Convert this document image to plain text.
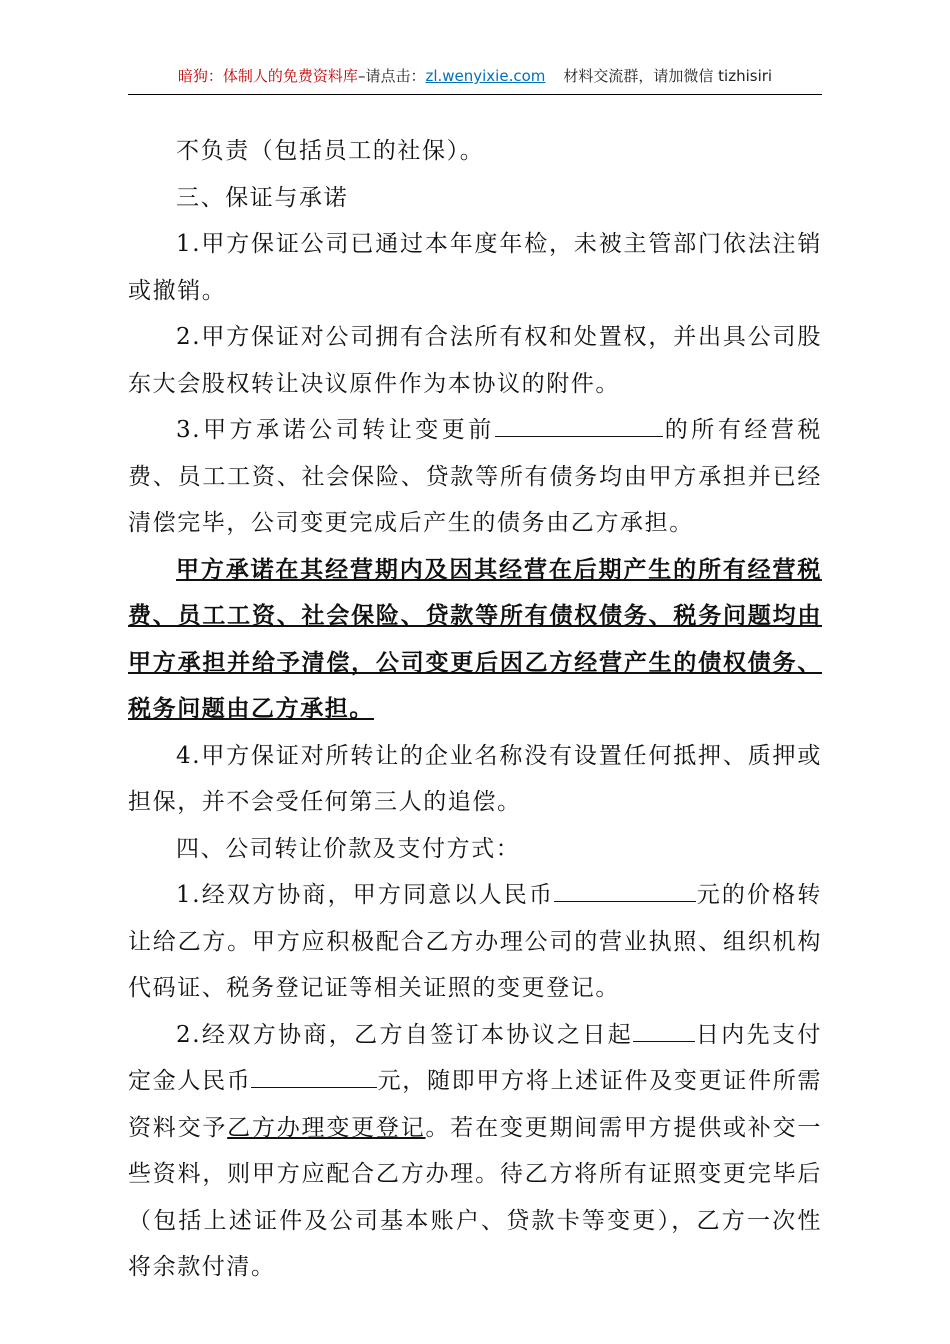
暗狗：体制人的免费资料库–请点击：zl.wenyixie.com 材料交流群，请加微信 tizhisiri

不负责（包括员工的社保）。

三、保证与承诺

1.甲方保证公司已通过本年度年检，未被主管部门依法注销或撤销。

2.甲方保证对公司拥有合法所有权和处置权，并出具公司股东大会股权转让决议原件作为本协议的附件。

3.甲方承诺公司转让变更前	的所有经营税费、员工工资、社会保险、贷款等所有债务均由甲方承担并已经清偿完毕，公司变更完成后产生的债务由乙方承担。

甲方承诺在其经营期内及因其经营在后期产生的所有经营税费、员工工资、社会保险、贷款等所有债权债务、税务问题均由甲方承担并给予清偿，公司变更后因乙方经营产生的债权债务、税务问题由乙方承担。

4.甲方保证对所转让的企业名称没有设置任何抵押、质押或担保，并不会受任何第三人的追偿。

四、公司转让价款及支付方式：

1.经双方协商，甲方同意以人民币	元的价格转让给乙方。甲方应积极配合乙方办理公司的营业执照、组织机构代码证、税务登记证等相关证照的变更登记。

2.经双方协商，乙方自签订本协议之日起	日内先支付定金人民币	元，随即甲方将上述证件及变更证件所需资料交予乙方办理变更登记。若在变更期间需甲方提供或补交一些资料，则甲方应配合乙方办理。待乙方将所有证照变更完毕后（包括上述证件及公司基本账户、贷款卡等变更），乙方一次性将余款付清。
